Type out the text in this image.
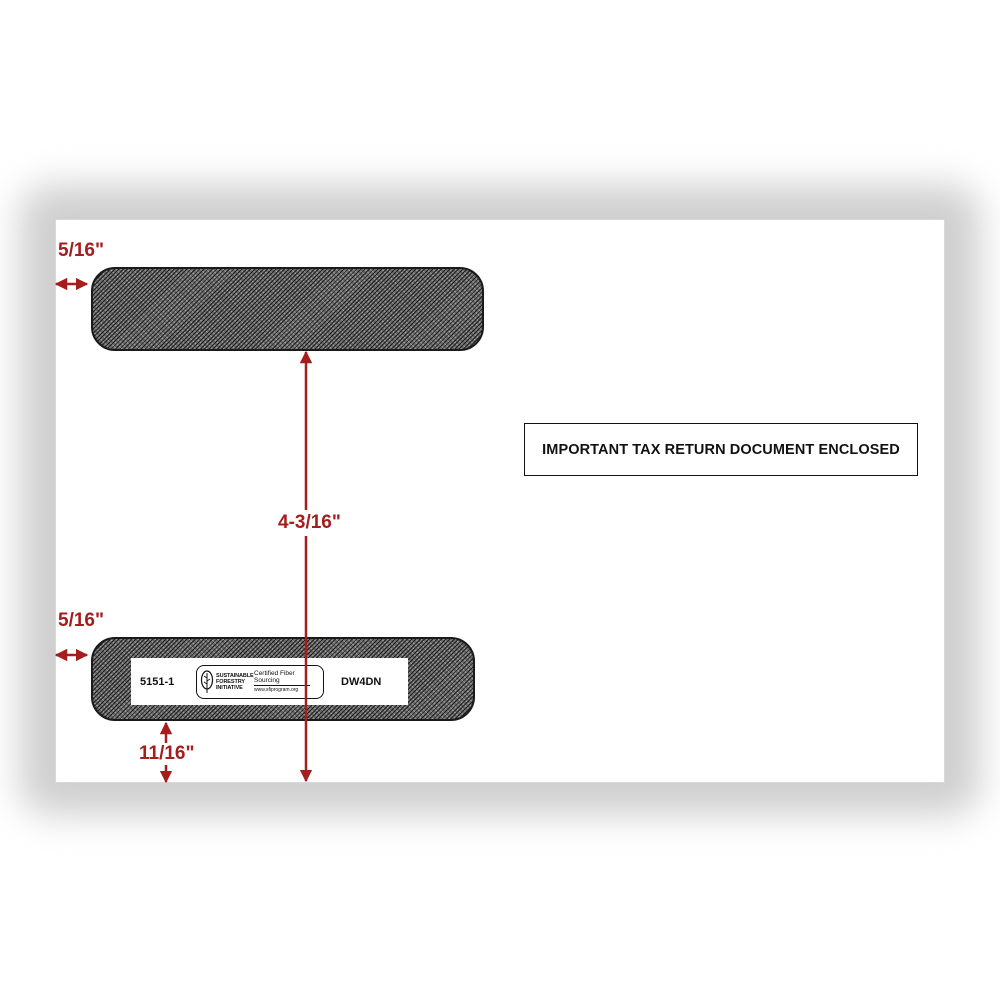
5151-1	SUSTAINABLE
FORESTRY
INITIATIVE
Certified Fiber
Sourcing
www.sfiprogram.org
DW4DN
IMPORTANT TAX RETURN DOCUMENT ENCLOSED
5/16"
4-3/16"
5/16"
11/16"
